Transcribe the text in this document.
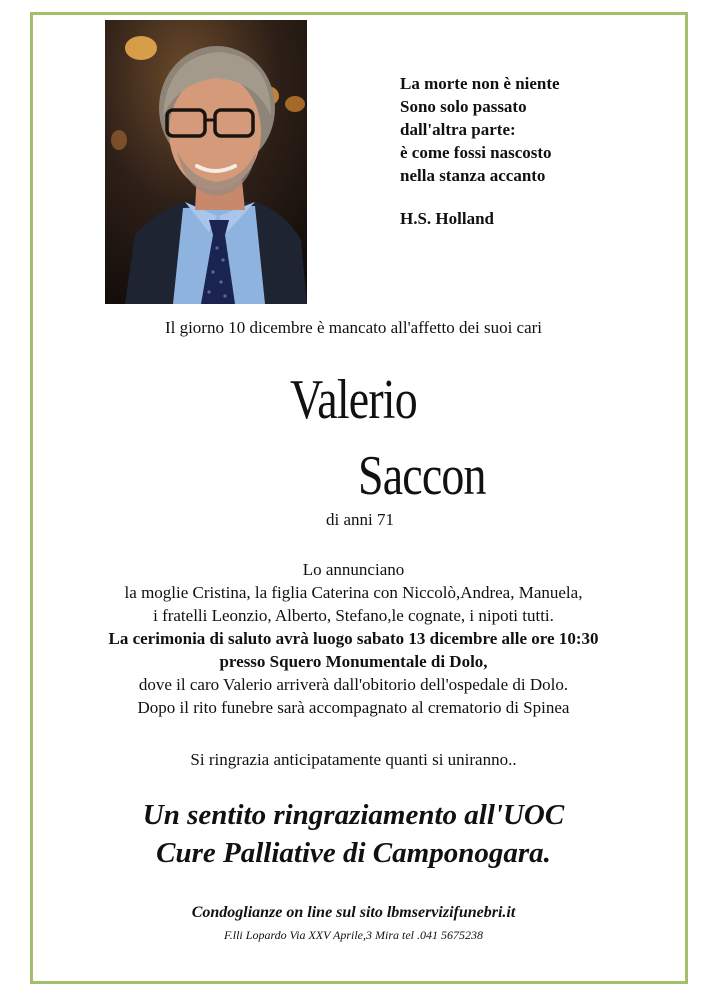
La morte non è niente
Sono solo passato
dall'altra parte:
è come fossi nascosto
nella stanza accanto
H.S. Holland
Il giorno 10 dicembre è mancato all'affetto dei suoi cari
Valerio
Saccon
di anni 71
Lo annunciano
la moglie Cristina, la figlia Caterina con Niccolò,Andrea, Manuela,
i fratelli Leonzio, Alberto, Stefano,le cognate, i nipoti tutti.
La cerimonia di saluto avrà luogo sabato 13 dicembre alle ore 10:30
presso Squero Monumentale di Dolo,
dove il caro Valerio arriverà dall'obitorio dell'ospedale di Dolo.
Dopo il rito funebre sarà accompagnato al crematorio di Spinea
Si ringrazia anticipatamente quanti si uniranno..
Un sentito ringraziamento all'UOC
Cure Palliative di Camponogara.
Condoglianze on line sul sito lbmservizifunebri.it
F.lli Lopardo Via XXV Aprile,3 Mira tel .041 5675238
